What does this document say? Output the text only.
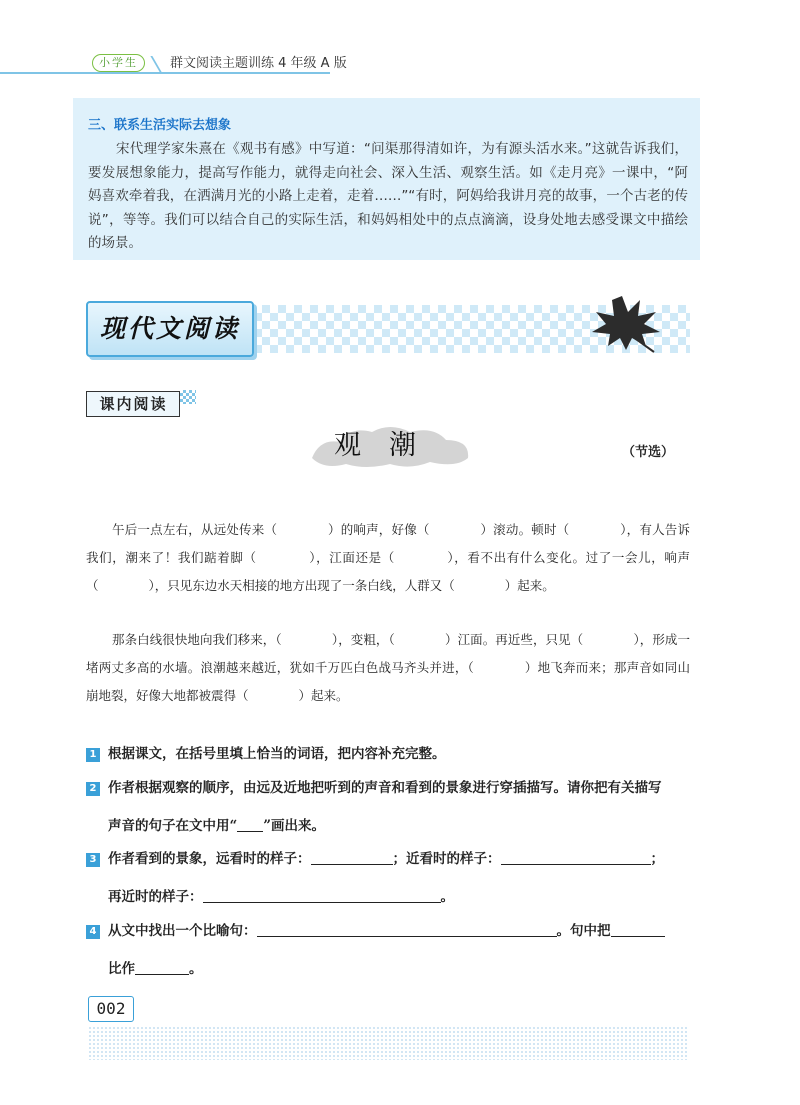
小学生	群文阅读主题训练 4 年级 A 版
三、联系生活实际去想象
宋代理学家朱熹在《观书有感》中写道：“问渠那得清如许，为有源头活水来。”这就告诉我们，要发展想象能力，提高写作能力，就得走向社会、深入生活、观察生活。如《走月亮》一课中，“阿妈喜欢牵着我，在洒满月光的小路上走着，走着……”“有时，阿妈给我讲月亮的故事，一个古老的传说”，等等。我们可以结合自己的实际生活，和妈妈相处中的点点滴滴，设身处地去感受课文中描绘的场景。
现代文阅读
课内阅读
观潮	（节选）
午后一点左右，从远处传来（　　　　）的响声，好像（　　　　）滚动。顿时（　　　　），有人告诉我们，潮来了！我们踮着脚（　　　　），江面还是（　　　　），看不出有什么变化。过了一会儿，响声（　　　　），只见东边水天相接的地方出现了一条白线，人群又（　　　　）起来。
那条白线很快地向我们移来，（　　　　），变粗，（　　　　）江面。再近些，只见（　　　　），形成一堵两丈多高的水墙。浪潮越来越近，犹如千万匹白色战马齐头并进，（　　　　）地飞奔而来；那声音如同山崩地裂，好像大地都被震得（　　　　）起来。
1 根据课文，在括号里填上恰当的词语，把内容补充完整。
2 作者根据观察的顺序，由远及近地把听到的声音和看到的景象进行穿插描写。请你把有关描写
声音的句子在文中用“ ”画出来。
3 作者看到的景象，远看时的样子：	；近看时的样子：	；
再近时的样子：	。
4 从文中找出一个比喻句：	。句中把
比作	。
002
